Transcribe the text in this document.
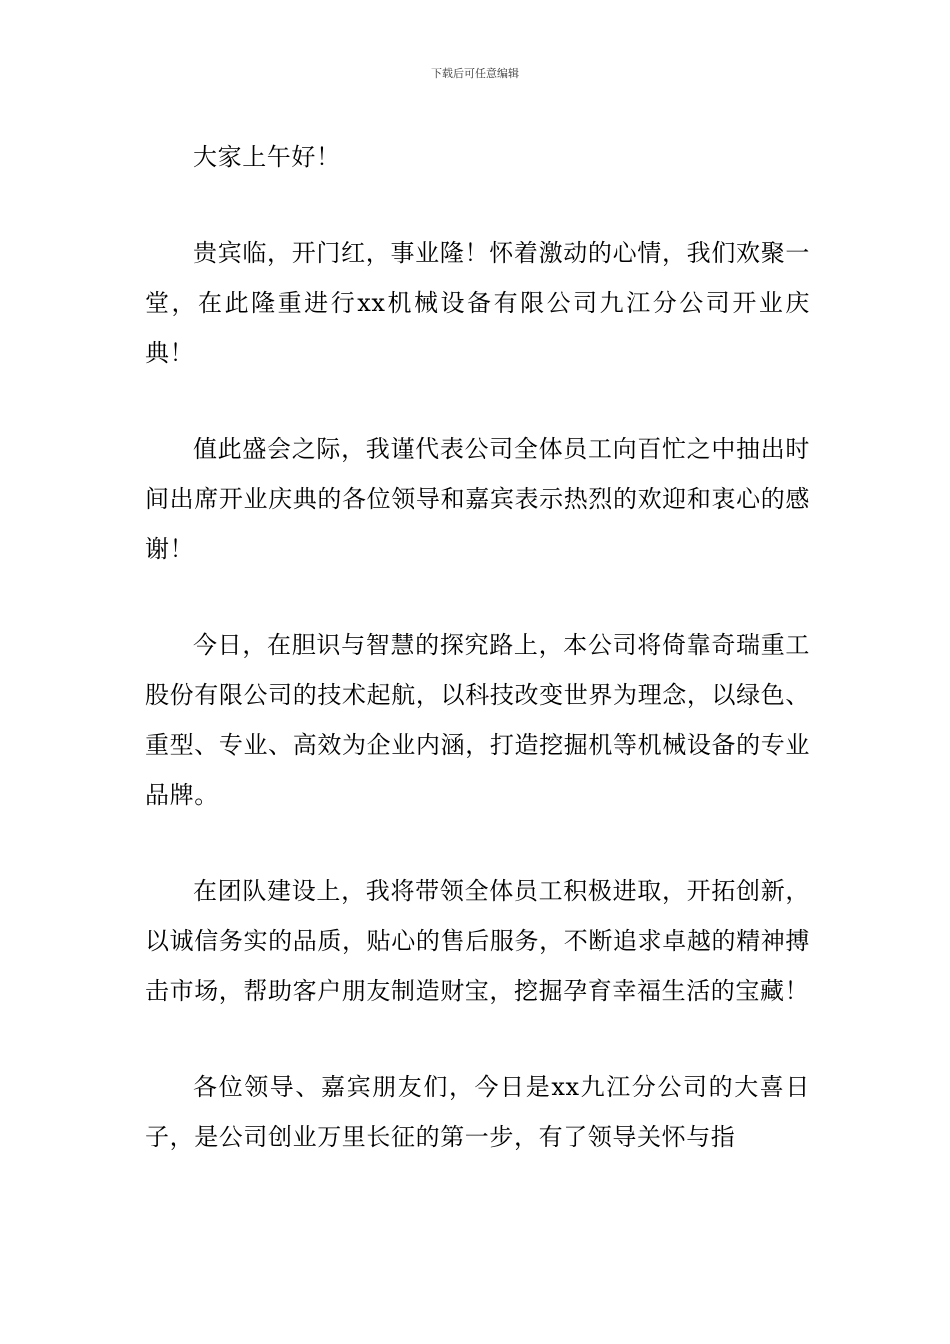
下载后可任意编辑

大家上午好！

贵宾临，开门红，事业隆！怀着激动的心情，我们欢聚一堂，在此隆重进行xx机械设备有限公司九江分公司开业庆典！

值此盛会之际，我谨代表公司全体员工向百忙之中抽出时间出席开业庆典的各位领导和嘉宾表示热烈的欢迎和衷心的感谢！

今日，在胆识与智慧的探究路上，本公司将倚靠奇瑞重工股份有限公司的技术起航，以科技改变世界为理念，以绿色、重型、专业、高效为企业内涵，打造挖掘机等机械设备的专业品牌。

在团队建设上，我将带领全体员工积极进取，开拓创新，以诚信务实的品质，贴心的售后服务，不断追求卓越的精神搏击市场，帮助客户朋友制造财宝，挖掘孕育幸福生活的宝藏！

各位领导、嘉宾朋友们，今日是xx九江分公司的大喜日子，是公司创业万里长征的第一步，有了领导关怀与指
